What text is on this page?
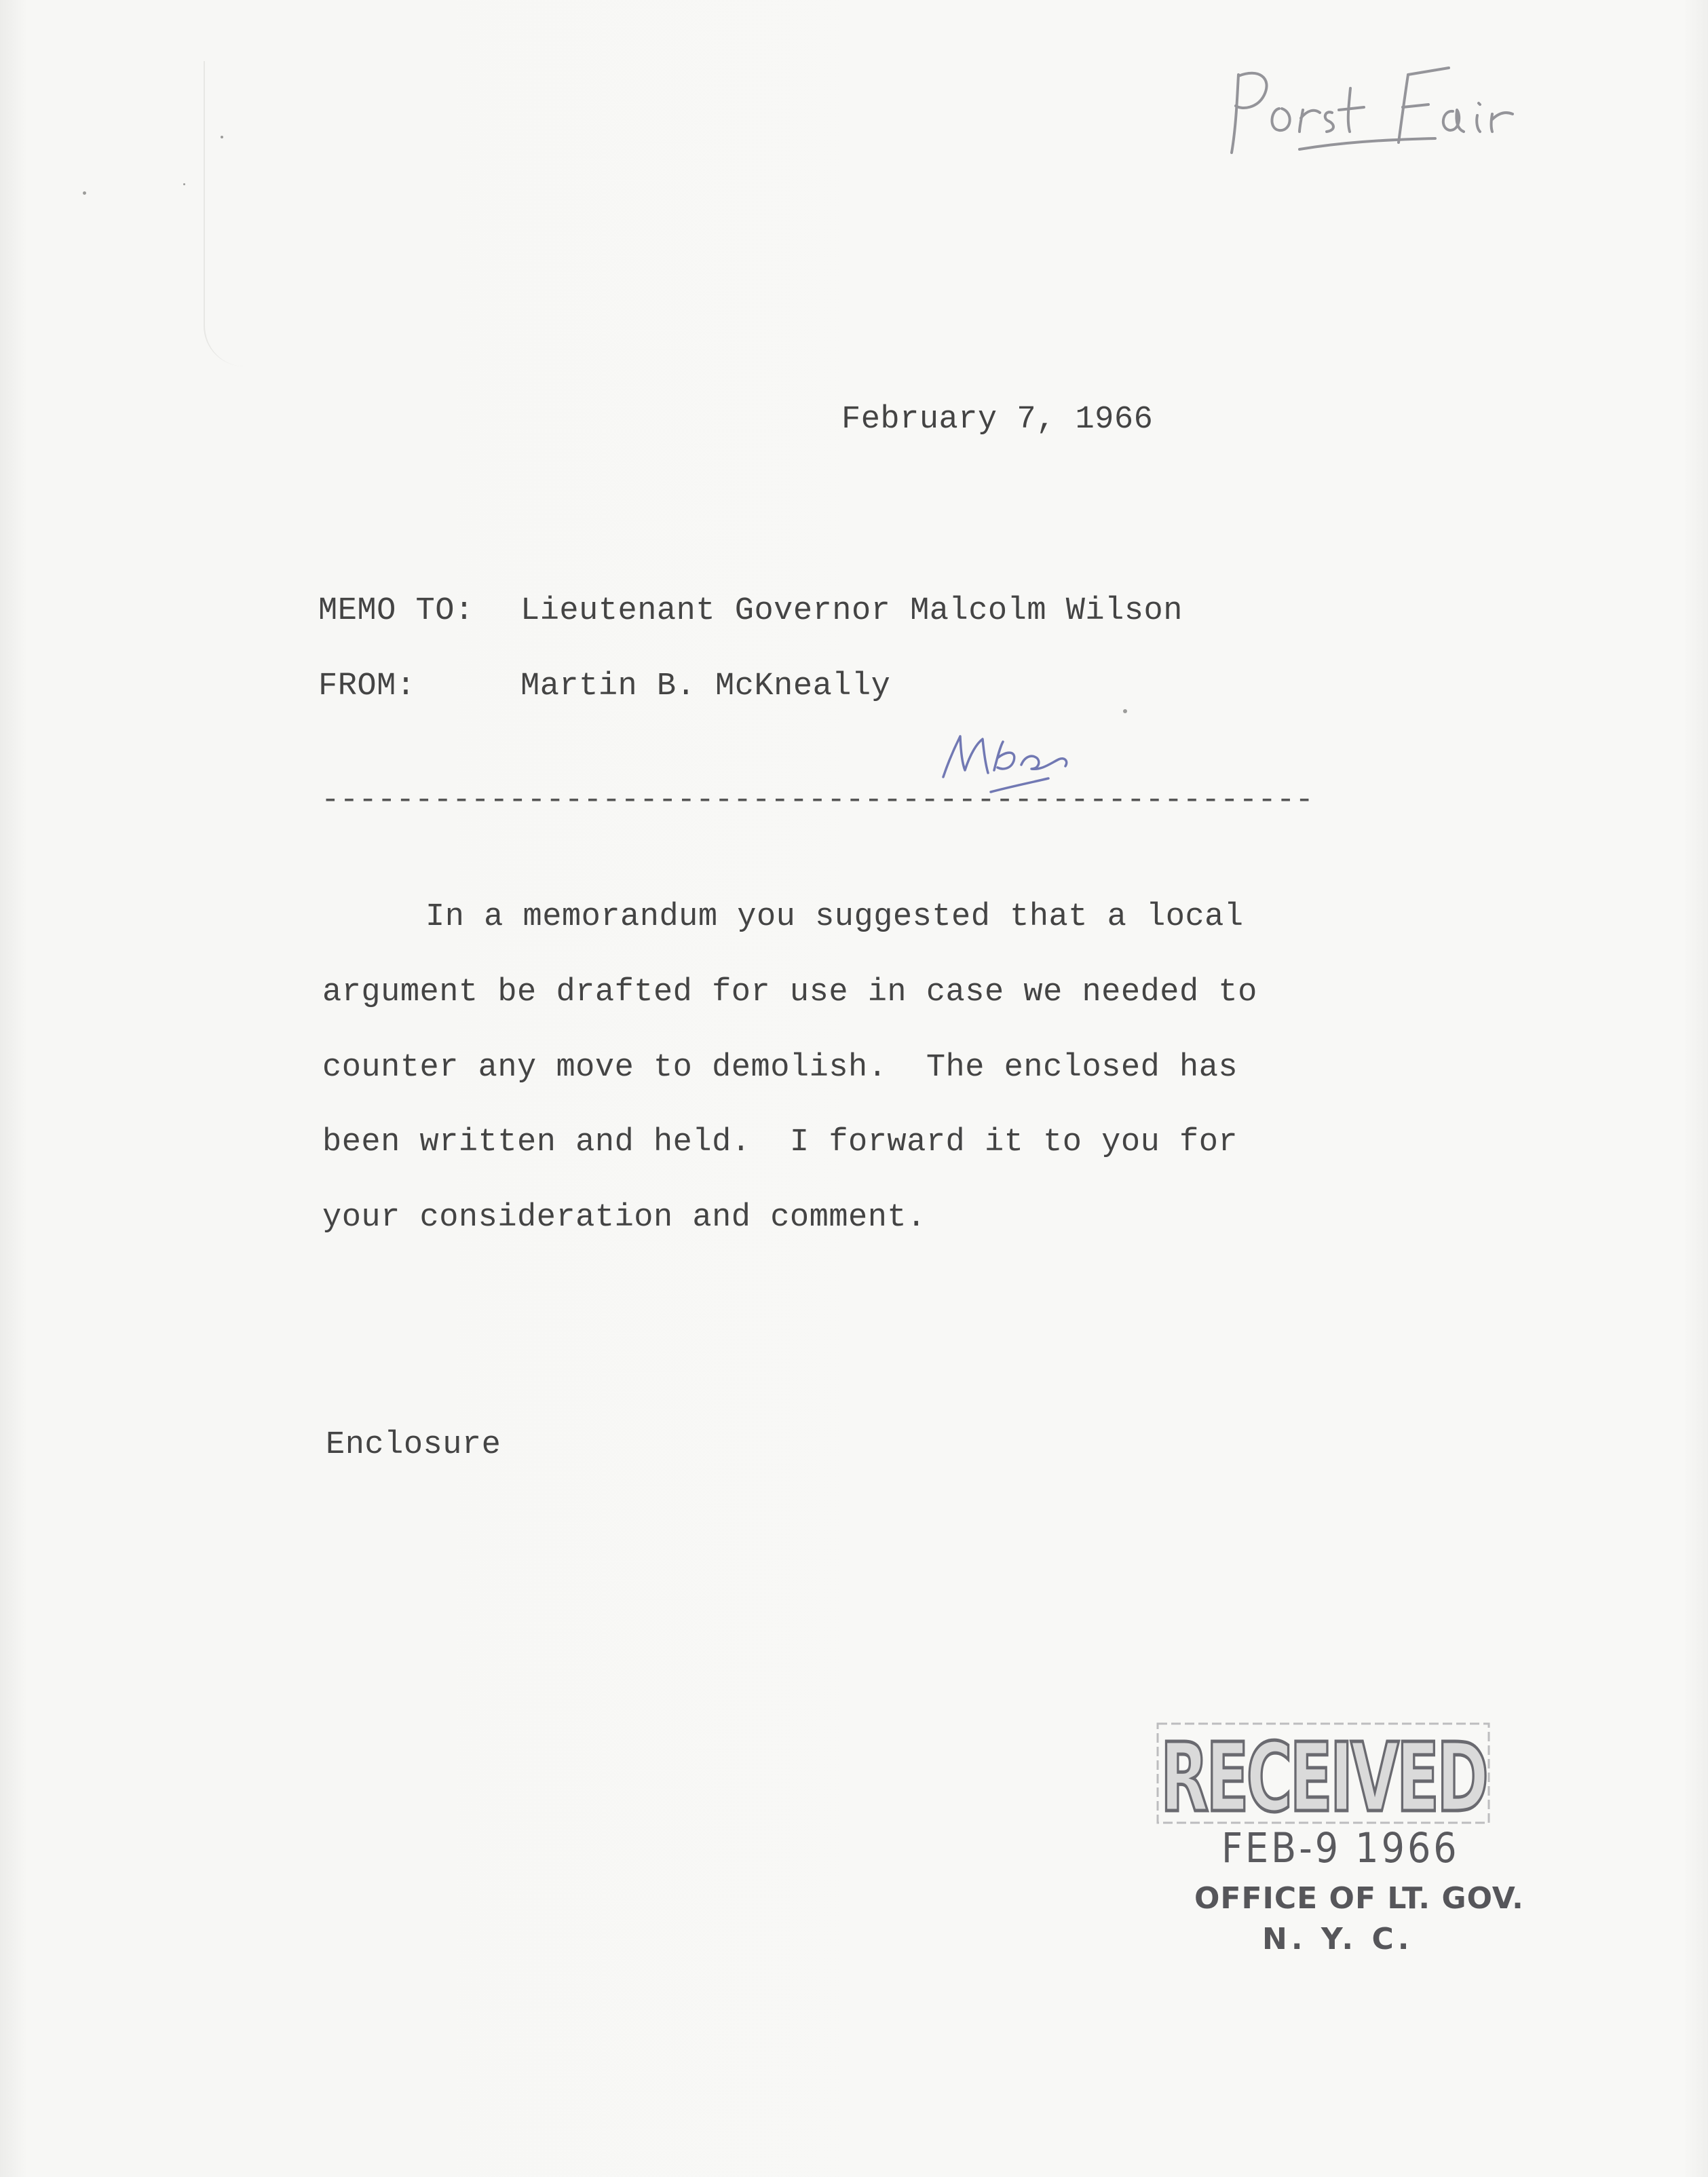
February 7, 1966
MEMO TO: Lieutenant Governor Malcolm Wilson
FROM:	Martin B. McKneally
-----------------------------------------------------
In a memorandum you suggested that a local
argument be drafted for use in case we needed to
counter any move to demolish.  The enclosed has
been written and held.  I forward it to you for
your consideration and comment.
Enclosure
RECEIVED
FEB-9 1966
OFFICE OF LT. GOV.
N. Y. C.
